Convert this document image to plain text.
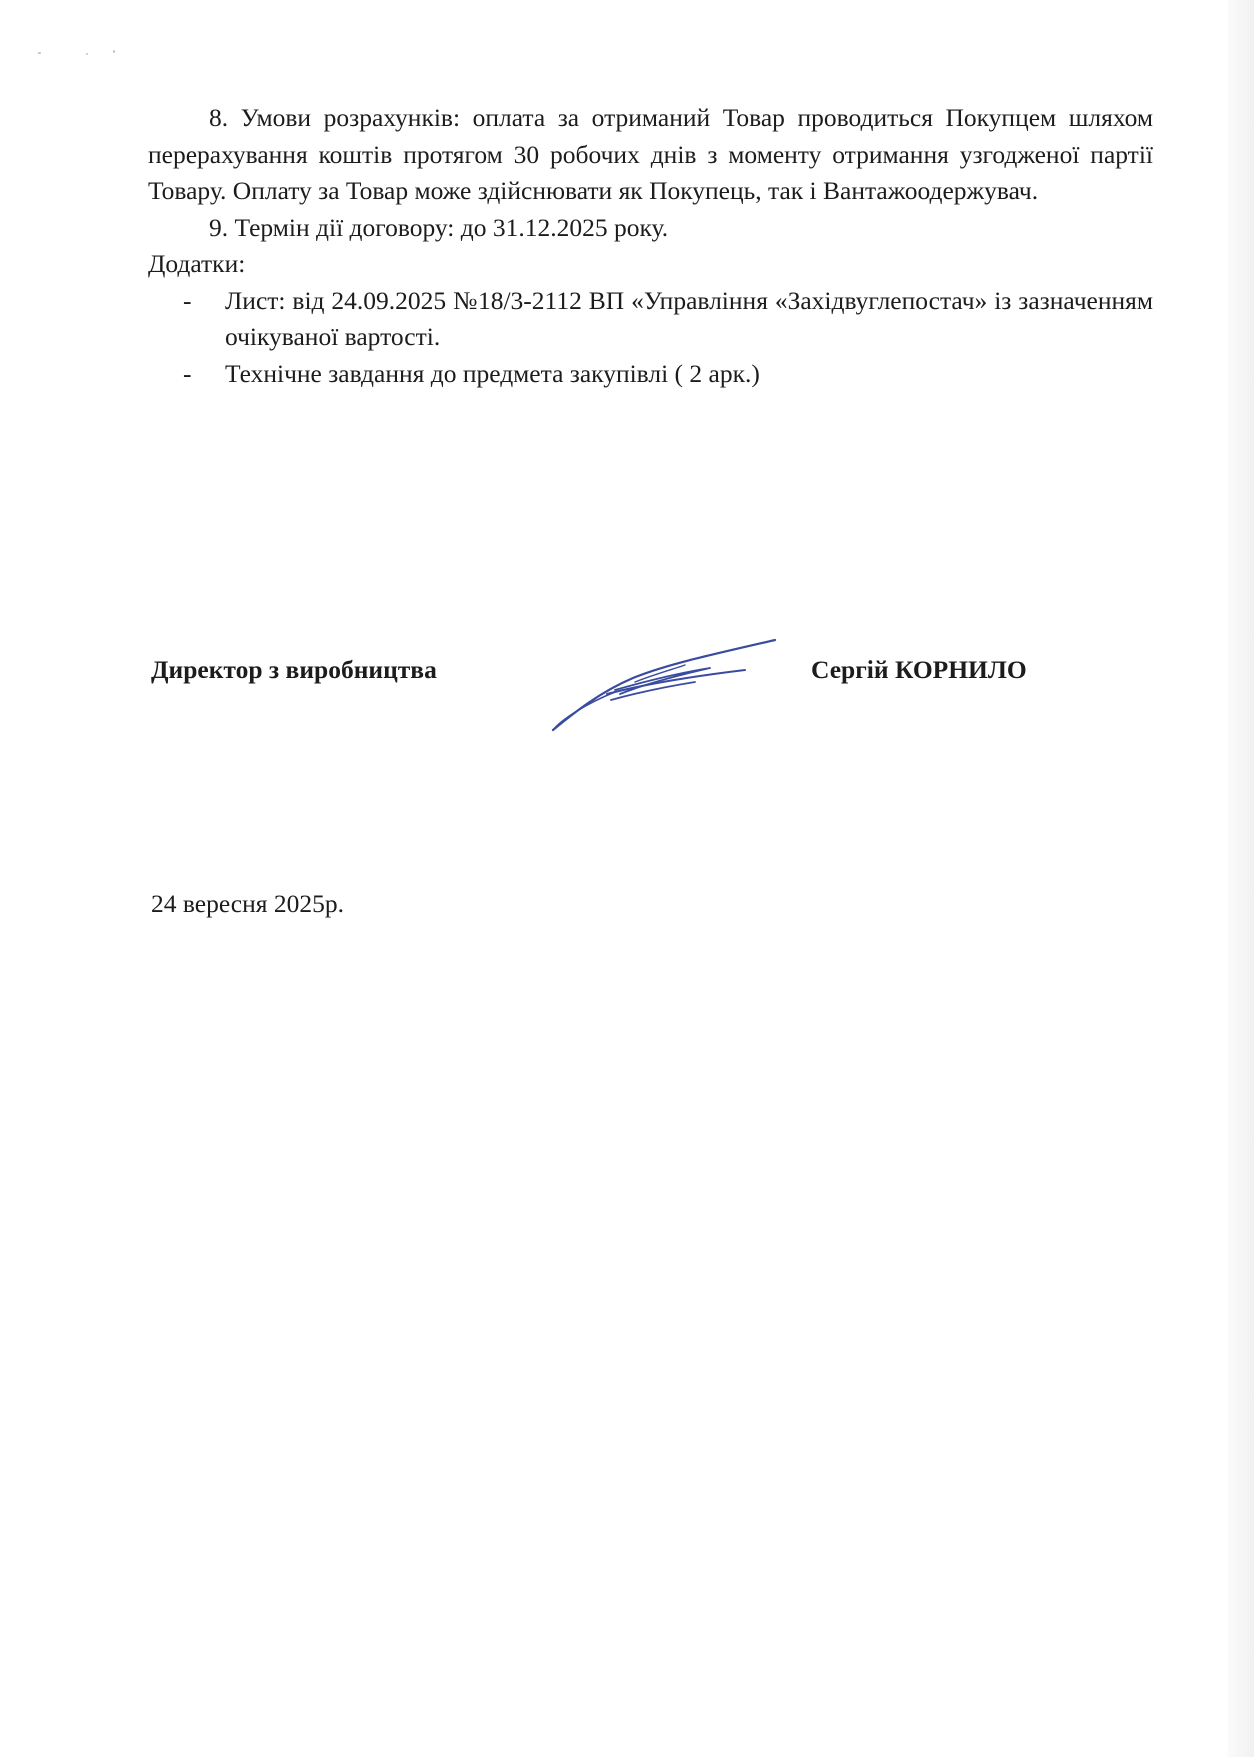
8. Умови розрахунків: оплата за отриманий Товар проводиться Покупцем шляхом перерахування коштів протягом 30 робочих днів з моменту отримання узгодженої партії Товару. Оплату за Товар може здійснювати як Покупець, так і Вантажоодержувач.

9. Термін дії договору: до 31.12.2025 року.

Додатки:

- Лист: від 24.09.2025 №18/3-2112 ВП «Управління «Західвуглепостач» із зазначенням очікуваної вартості.
- Технічне завдання до предмета закупівлі ( 2 арк.)
Директор з виробництва	Сергій КОРНИЛО
24 вересня 2025р.
